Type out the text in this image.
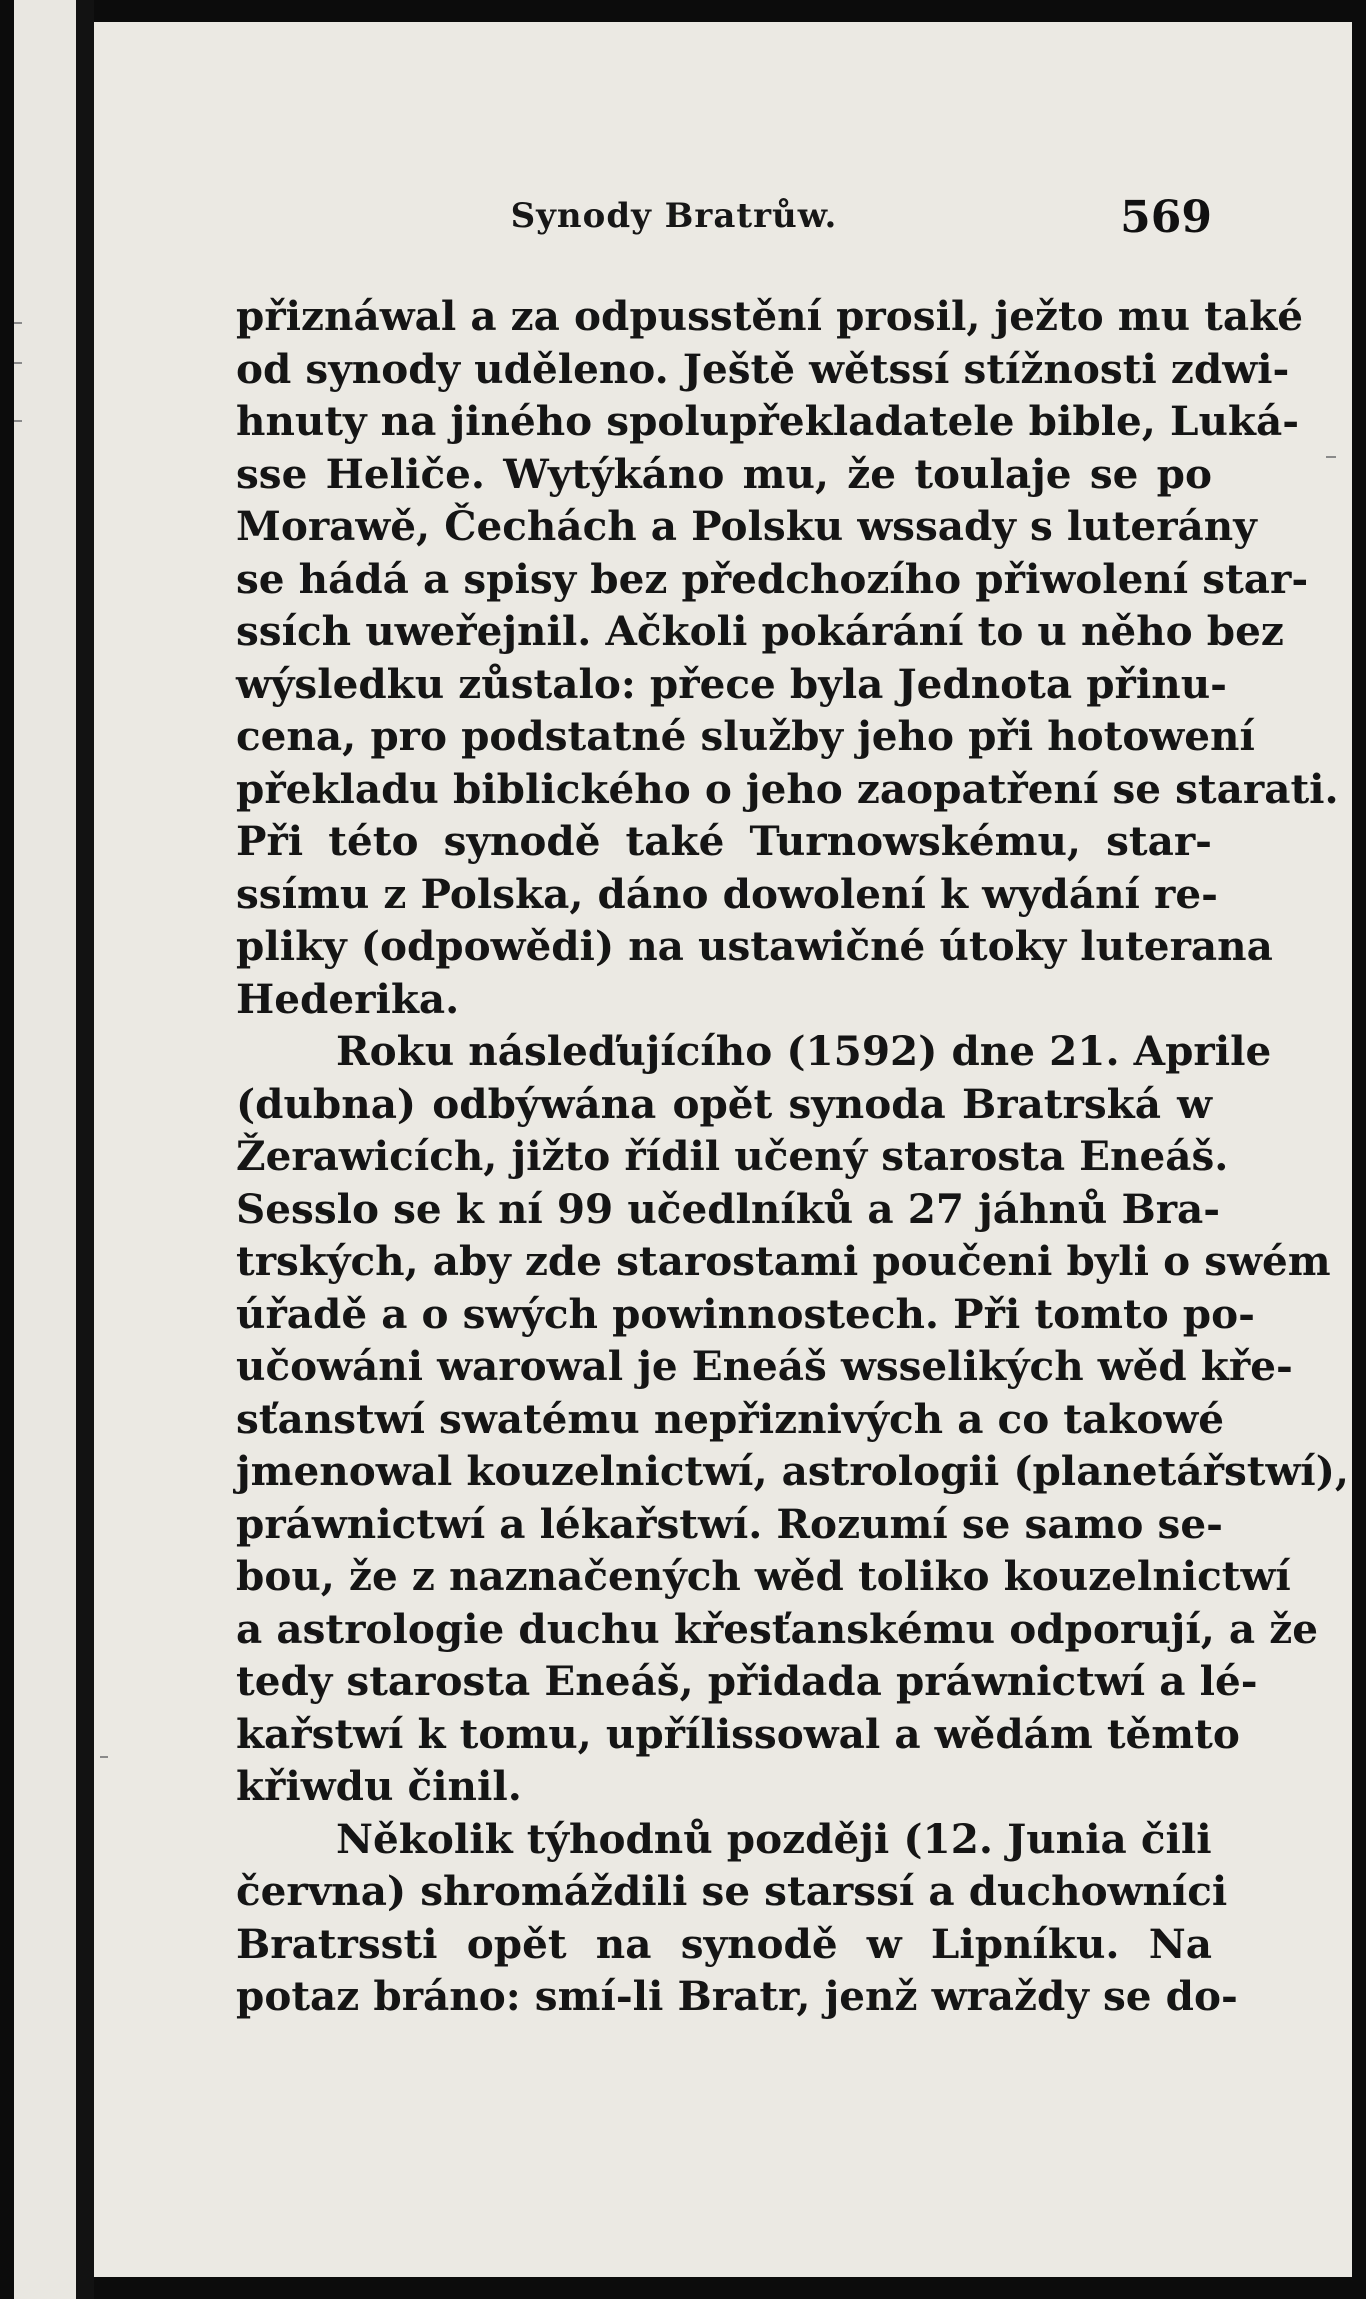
Synody Bratrůw.	569
přiznáwal a za odpusstění prosil, ježto mu také
od synody uděleno. Ještě wětssí stížnosti zdwi-
hnuty na jiného spolupřekladatele bible, Luká-
sse Heliče. Wytýkáno mu, že toulaje se po
Morawě, Čechách a Polsku wssady s luterány
se hádá a spisy bez předchozího přiwolení star-
ssích uweřejnil. Ačkoli pokárání to u něho bez
wýsledku zůstalo: přece byla Jednota přinu-
cena, pro podstatné služby jeho při hotowení
překladu biblického o jeho zaopatření se starati.
Při této synodě také Turnowskému, star-
ssímu z Polska, dáno dowolení k wydání re-
pliky (odpowědi) na ustawičné útoky luterana
Hederika.
Roku násleďujícího (1592) dne 21. Aprile
(dubna) odbýwána opět synoda Bratrská w
Žerawicích, jižto řídil učený starosta Eneáš.
Sesslo se k ní 99 učedlníků a 27 jáhnů Bra-
trských, aby zde starostami poučeni byli o swém
úřadě a o swých powinnostech. Při tomto po-
učowáni warowal je Eneáš wsselikých wěd kře-
sťanstwí swatému nepřiznivých a co takowé
jmenowal kouzelnictwí, astrologii (planetářstwí),
práwnictwí a lékařstwí. Rozumí se samo se-
bou, že z naznačených wěd toliko kouzelnictwí
a astrologie duchu křesťanskému odporují, a že
tedy starosta Eneáš, přidada práwnictwí a lé-
kařstwí k tomu, upřílissowal a wědám těmto
křiwdu činil.
Několik týhodnů později (12. Junia čili
června) shromáždili se starssí a duchowníci
Bratrssti opět na synodě w Lipníku. Na
potaz bráno: smí-li Bratr, jenž wraždy se do-
